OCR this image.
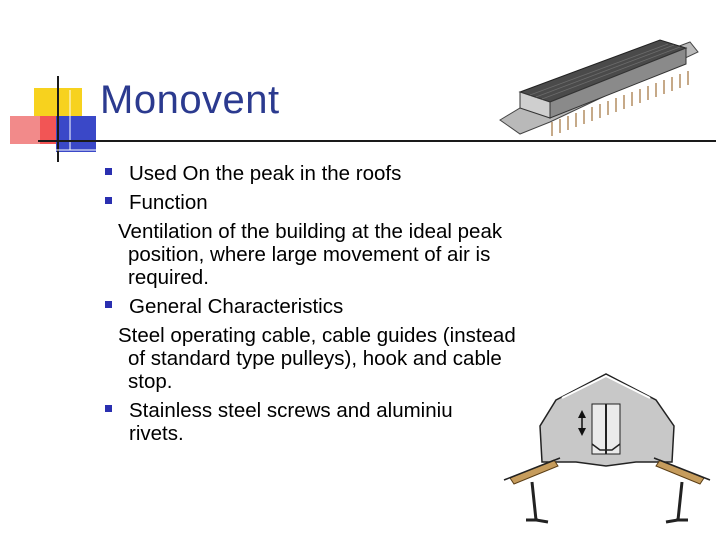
Monovent
Used On the peak in the roofs
Function
Ventilation of the building at the ideal peak
position, where large movement of air is
required.
General Characteristics
Steel operating cable, cable guides (instead
of standard type pulleys), hook and cable
stop.
Stainless steel screws and aluminiu
rivets.
